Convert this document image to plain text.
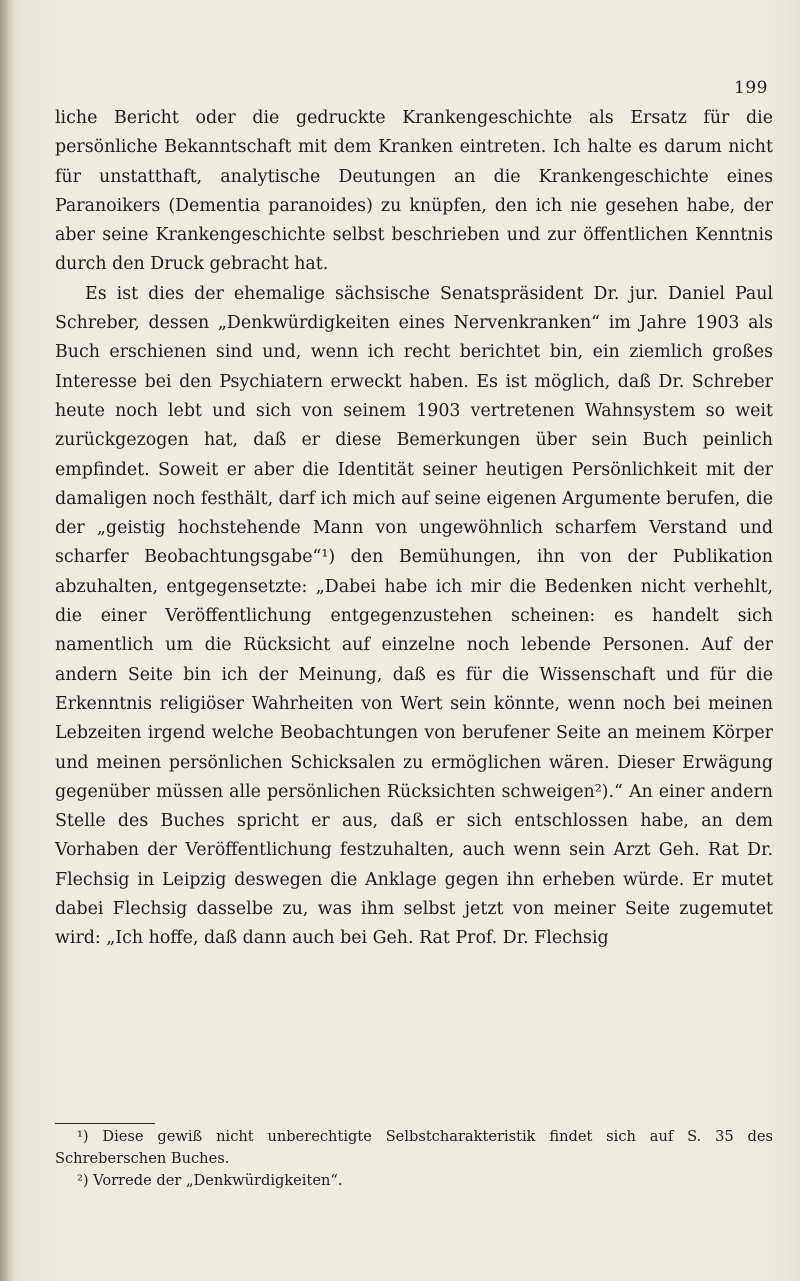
199

liche Bericht oder die gedruckte Krankengeschichte als Ersatz für die persönliche Bekanntschaft mit dem Kranken eintreten. Ich halte es darum nicht für unstatthaft, analytische Deutungen an die Krankengeschichte eines Paranoikers (Dementia paranoides) zu knüpfen, den ich nie gesehen habe, der aber seine Krankengeschichte selbst beschrieben und zur öffentlichen Kenntnis durch den Druck gebracht hat.

Es ist dies der ehemalige sächsische Senatspräsident Dr. jur. Daniel Paul Schreber, dessen „Denkwürdigkeiten eines Nervenkranken“ im Jahre 1903 als Buch erschienen sind und, wenn ich recht berichtet bin, ein ziemlich großes Interesse bei den Psychiatern erweckt haben. Es ist möglich, daß Dr. Schreber heute noch lebt und sich von seinem 1903 vertretenen Wahnsystem so weit zurückgezogen hat, daß er diese Bemerkungen über sein Buch peinlich empfindet. Soweit er aber die Identität seiner heutigen Persönlichkeit mit der damaligen noch festhält, darf ich mich auf seine eigenen Argumente berufen, die der „geistig hochstehende Mann von ungewöhnlich scharfem Verstand und scharfer Beobachtungsgabe“¹) den Bemühungen, ihn von der Publikation abzuhalten, entgegensetzte: „Dabei habe ich mir die Bedenken nicht verhehlt, die einer Veröffentlichung entgegenzustehen scheinen: es handelt sich namentlich um die Rücksicht auf einzelne noch lebende Personen. Auf der andern Seite bin ich der Meinung, daß es für die Wissenschaft und für die Erkenntnis religiöser Wahrheiten von Wert sein könnte, wenn noch bei meinen Lebzeiten irgend welche Beobachtungen von berufener Seite an meinem Körper und meinen persönlichen Schicksalen zu ermöglichen wären. Dieser Erwägung gegenüber müssen alle persönlichen Rücksichten schweigen²).“ An einer andern Stelle des Buches spricht er aus, daß er sich entschlossen habe, an dem Vorhaben der Veröffentlichung festzuhalten, auch wenn sein Arzt Geh. Rat Dr. Flechsig in Leipzig deswegen die Anklage gegen ihn erheben würde. Er mutet dabei Flechsig dasselbe zu, was ihm selbst jetzt von meiner Seite zugemutet wird: „Ich hoffe, daß dann auch bei Geh. Rat Prof. Dr. Flechsig

¹) Diese gewiß nicht unberechtigte Selbstcharakteristik findet sich auf S. 35 des Schreberschen Buches.

²) Vorrede der „Denkwürdigkeiten“.
